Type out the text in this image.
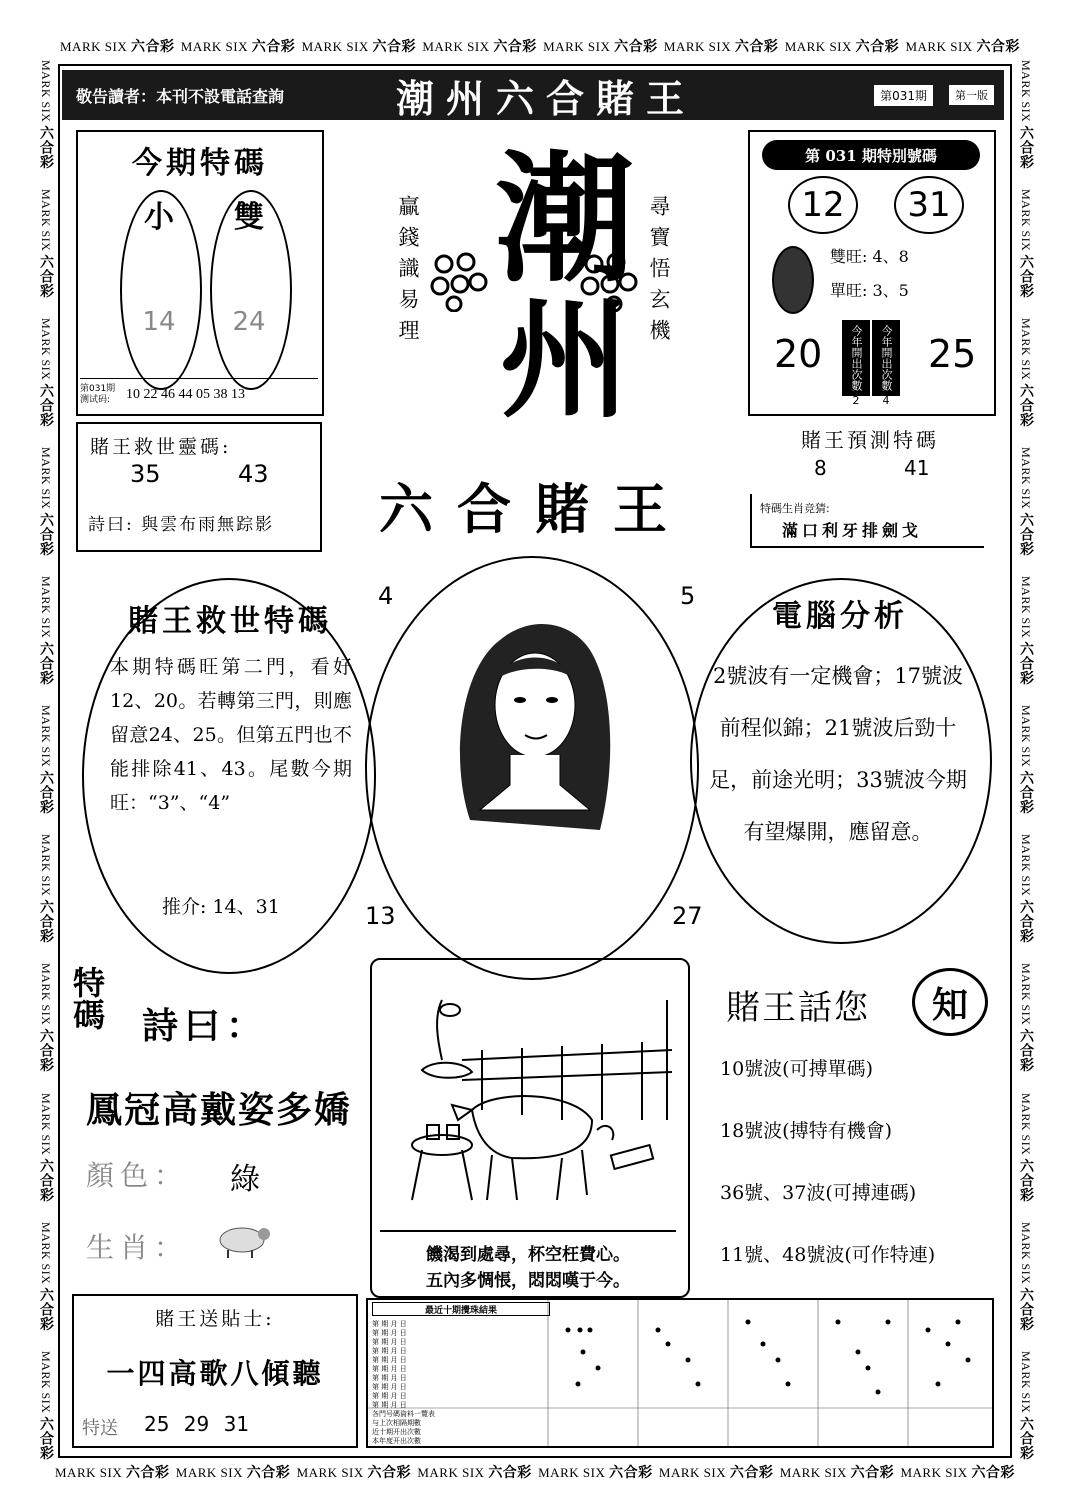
MARK SIX 六合彩 MARK SIX 六合彩 MARK SIX 六合彩 MARK SIX 六合彩 MARK SIX 六合彩 MARK SIX 六合彩 MARK SIX 六合彩 MARK SIX 六合彩
MARK SIX 六合彩 MARK SIX 六合彩 MARK SIX 六合彩 MARK SIX 六合彩 MARK SIX 六合彩 MARK SIX 六合彩 MARK SIX 六合彩 MARK SIX 六合彩
MARK SIX 六合彩
MARK SIX 六合彩
MARK SIX 六合彩
MARK SIX 六合彩
MARK SIX 六合彩
MARK SIX 六合彩
MARK SIX 六合彩
MARK SIX 六合彩
MARK SIX 六合彩
MARK SIX 六合彩
MARK SIX 六合彩
MARK SIX 六合彩
MARK SIX 六合彩
MARK SIX 六合彩
MARK SIX 六合彩
MARK SIX 六合彩
MARK SIX 六合彩
MARK SIX 六合彩
MARK SIX 六合彩
MARK SIX 六合彩
MARK SIX 六合彩
MARK SIX 六合彩
敬告讀者：本刊不設電話查詢	潮州六合賭王	第031期	第一版
今期特碼
小	雙
14	24
第031期
测试码:	10 22 46 44 05 38 13
賭王救世靈碼:
35	43
詩曰: 與雲布雨無踪影
潮
州
贏錢識易理	尋寶悟玄機
六合賭王
第 031 期特別號碼
12	31
雙旺: 4、8
單旺: 3、5
20	25
今年開出次數	今年開出次數
2	4
賭王預測特碼
8	41
特碼生肖竞猜:
滿口利牙排劍戈
賭王救世特碼
本期特碼旺第二門，看好12、20。若轉第三門，則應留意24、25。但第五門也不能排除41、43。尾數今期旺：“3”、“4”
推介: 14、31
4	5
13	27
電腦分析
2號波有一定機會；17號波前程似錦；21號波后勁十足，前途光明；33號波今期有望爆開，應留意。
特碼 詩曰：
鳳冠高戴姿多嬌
顏色： 綠
生肖：	饑渴到處尋，杯空枉費心。
五內多惆悵，悶悶嘆于今。
賭王話您	知
10號波(可搏單碼)
18號波(搏特有機會)
36號、37波(可搏連碼)
11號、48號波(可作特連)
賭王送貼士:
一四高歌八傾聽
特送 25 29 31
最近十期攪珠結果
各門号碼資料一覽表
与上次相隔期數
近十期开出次數
本年度开出次數
第 期 月 日
第 期 月 日
第 期 月 日
第 期 月 日
第 期 月 日
第 期 月 日
第 期 月 日
第 期 月 日
第 期 月 日
第 期 月 日
